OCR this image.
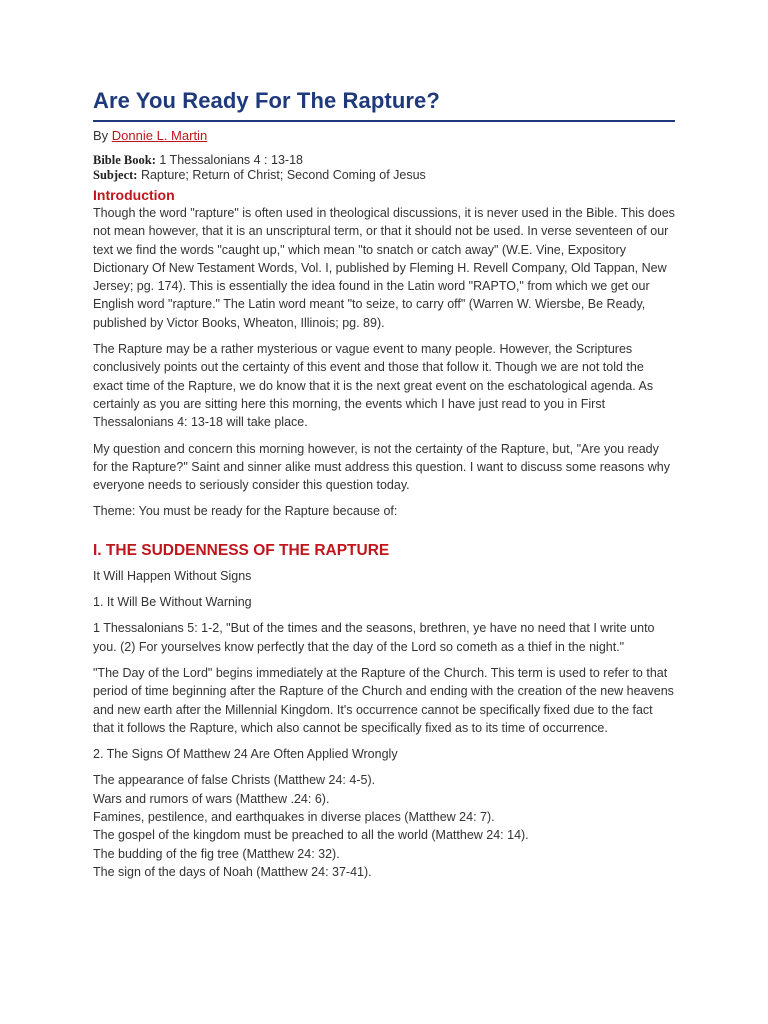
Are You Ready For The Rapture?
By Donnie L. Martin
Bible Book: 1 Thessalonians 4 : 13-18
Subject: Rapture; Return of Christ; Second Coming of Jesus

Introduction

Though the word "rapture" is often used in theological discussions, it is never used in the Bible. This does not mean however, that it is an unscriptural term, or that it should not be used. In verse seventeen of our text we find the words "caught up," which mean "to snatch or catch away" (W.E. Vine, Expository Dictionary Of New Testament Words, Vol. I, published by Fleming H. Revell Company, Old Tappan, New Jersey; pg. 174). This is essentially the idea found in the Latin word "RAPTO," from which we get our English word "rapture." The Latin word meant "to seize, to carry off" (Warren W. Wiersbe, Be Ready, published by Victor Books, Wheaton, Illinois; pg. 89).

The Rapture may be a rather mysterious or vague event to many people. However, the Scriptures conclusively points out the certainty of this event and those that follow it. Though we are not told the exact time of the Rapture, we do know that it is the next great event on the eschatological agenda. As certainly as you are sitting here this morning, the events which I have just read to you in First Thessalonians 4: 13-18 will take place.

My question and concern this morning however, is not the certainty of the Rapture, but, "Are you ready for the Rapture?" Saint and sinner alike must address this question. I want to discuss some reasons why everyone needs to seriously consider this question today.

Theme: You must be ready for the Rapture because of:

I. THE SUDDENNESS OF THE RAPTURE

It Will Happen Without Signs

1. It Will Be Without Warning

1 Thessalonians 5: 1-2, "But of the times and the seasons, brethren, ye have no need that I write unto you. (2) For yourselves know perfectly that the day of the Lord so cometh as a thief in the night."

"The Day of the Lord" begins immediately at the Rapture of the Church. This term is used to refer to that period of time beginning after the Rapture of the Church and ending with the creation of the new heavens and new earth after the Millennial Kingdom. It's occurrence cannot be specifically fixed due to the fact that it follows the Rapture, which also cannot be specifically fixed as to its time of occurrence.

2. The Signs Of Matthew 24 Are Often Applied Wrongly

The appearance of false Christs (Matthew 24: 4-5).

Wars and rumors of wars (Matthew .24: 6).

Famines, pestilence, and earthquakes in diverse places (Matthew 24: 7).

The gospel of the kingdom must be preached to all the world (Matthew 24: 14).

The budding of the fig tree (Matthew 24: 32).

The sign of the days of Noah (Matthew 24: 37-41).
